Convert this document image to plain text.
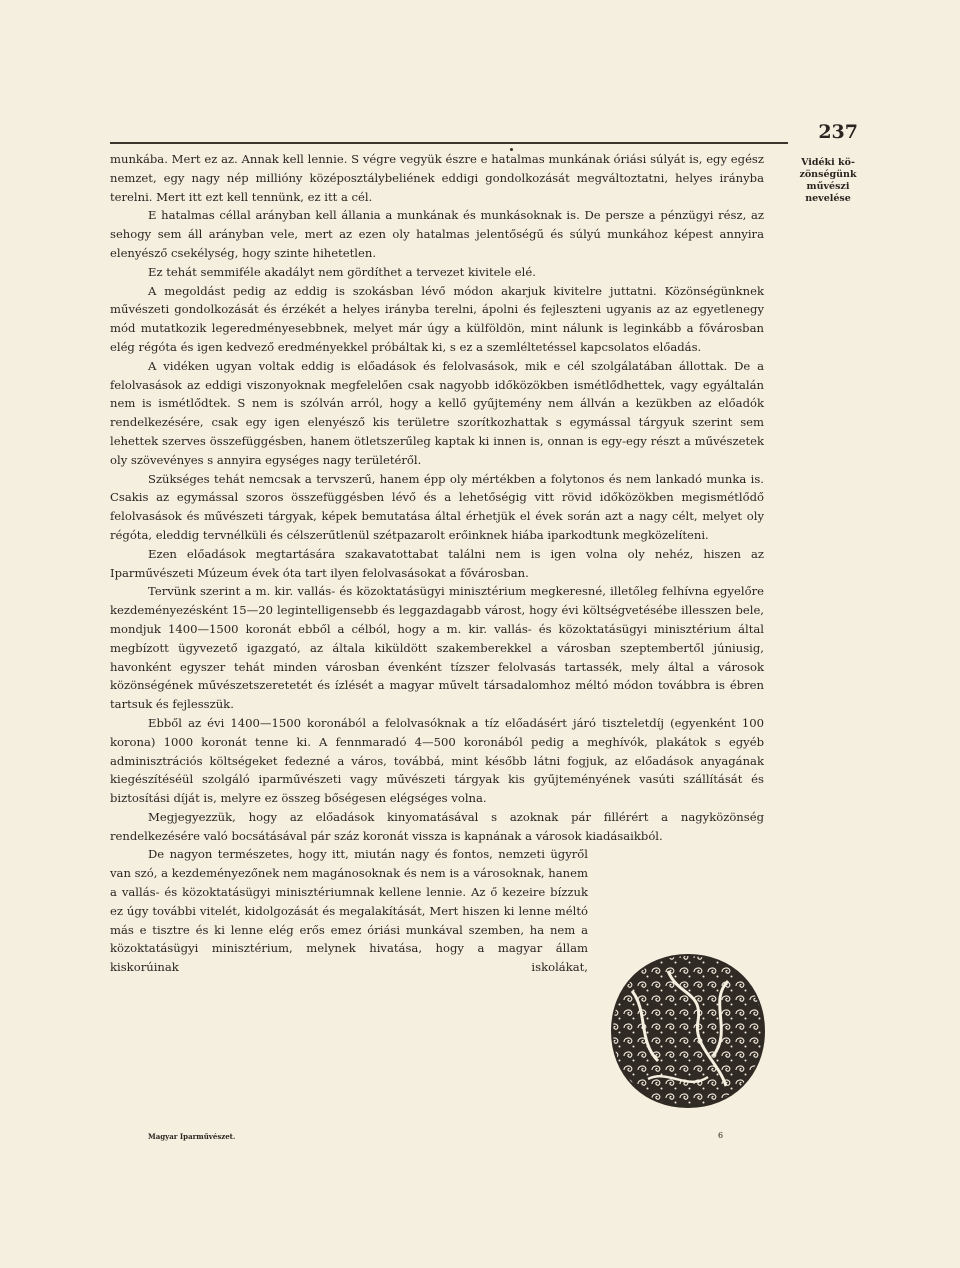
237
Vidéki kö-zönségünk művészi nevelése

munkába. Mert ez az. Annak kell lennie. S végre vegyük észre e hatalmas munkának óriási súlyát is, egy egész nemzet, egy nagy nép millióny középosztálybeliének eddigi gondolkozását megváltoztatni, helyes irányba terelni. Mert itt ezt kell tennünk, ez itt a cél.

E hatalmas céllal arányban kell állania a munkának és munkásoknak is. De persze a pénzügyi rész, az sehogy sem áll arányban vele, mert az ezen oly hatalmas jelentőségű és súlyú munkához képest annyira elenyésző csekélység, hogy szinte hihetetlen.

Ez tehát semmiféle akadályt nem gördíthet a tervezet kivitele elé.

A megoldást pedig az eddig is szokásban lévő módon akarjuk kivitelre juttatni. Közönségünknek művészeti gondolkozását és érzékét a helyes irányba terelni, ápolni és fejleszteni ugyanis az az egyetlenegy mód mutatkozik legeredményesebbnek, melyet már úgy a külföldön, mint nálunk is leginkább a fővárosban elég régóta és igen kedvező eredményekkel próbáltak ki, s ez a szemléltetéssel kapcsolatos előadás.

A vidéken ugyan voltak eddig is előadások és felolvasások, mik e cél szolgálatában állottak. De a felolvasások az eddigi viszonyoknak megfelelően csak nagyobb időközökben ismétlődhettek, vagy egyáltalán nem is ismétlődtek. S nem is szólván arról, hogy a kellő gyűjtemény nem állván a kezükben az előadók rendelkezésére, csak egy igen elenyésző kis területre szorítkozhattak s egymással tárgyuk szerint sem lehettek szerves összefüggésben, hanem ötletszerűleg kaptak ki innen is, onnan is egy-egy részt a művészetek oly szövevényes s annyira egységes nagy területéről.

Szükséges tehát nemcsak a tervszerű, hanem épp oly mértékben a folytonos és nem lankadó munka is. Csakis az egymással szoros összefüggésben lévő és a lehetőségig vitt rövid időközökben megismétlődő felolvasások és művészeti tárgyak, képek bemutatása által érhetjük el évek során azt a nagy célt, melyet oly régóta, eleddig tervnélküli és célszerűtlenül szétpazarolt erőinknek hiába iparkodtunk megközelíteni.

Ezen előadások megtartására szakavatottabat találni nem is igen volna oly nehéz, hiszen az Iparművészeti Múzeum évek óta tart ilyen felolvasásokat a fővárosban.

Tervünk szerint a m. kir. vallás- és közoktatásügyi minisztérium megkeresné, illetőleg felhívna egyelőre kezdeményezésként 15—20 legintelligensebb és leggazdagabb várost, hogy évi költségvetésébe illesszen bele, mondjuk 1400—1500 koronát ebből a célból, hogy a m. kir. vallás- és közoktatásügyi minisztérium által megbízott ügyvezető igazgató, az általa kiküldött szakemberekkel a városban szeptembertől júniusig, havonként egyszer tehát minden városban évenként tízszer felolvasás tartassék, mely által a városok közönségének művészetszeretetét és ízlését a magyar művelt társadalomhoz méltó módon továbbra is ébren tartsuk és fejlesszük.

Ebből az évi 1400—1500 koronából a felolvasóknak a tíz előadásért járó tiszteletdíj (egyenként 100 korona) 1000 koronát tenne ki. A fennmaradó 4—500 koronából pedig a meghívók, plakátok s egyéb adminisztrációs költségeket fedezné a város, továbbá, mint később látni fogjuk, az előadások anyagának kiegészítéséül szolgáló iparművészeti vagy művészeti tárgyak kis gyűjteményének vasúti szállítását és biztosítási díját is, melyre ez összeg bőségesen elégséges volna.

Megjegyezzük, hogy az előadások kinyomatásával s azoknak pár fillérért a nagyközönség rendelkezésére való bocsátásával pár száz koronát vissza is kapnának a városok kiadásaikból.

De nagyon természetes, hogy itt, miután nagy és fontos, nemzeti ügyről van szó, a kezdeményezőnek nem magánosoknak és nem is a városoknak, hanem a vallás- és közoktatásügyi minisztériumnak kellene lennie. Az ő kezeire bízzuk ez úgy további vitelét, kidolgozását és megalakítását, Mert hiszen ki lenne méltó más e tisztre és ki lenne elég erős emez óriási munkával szemben, ha nem a közoktatásügyi minisztérium, melynek hivatása, hogy a magyar állam kiskorúinak iskolákat,

Magyar Iparművészet.	6
